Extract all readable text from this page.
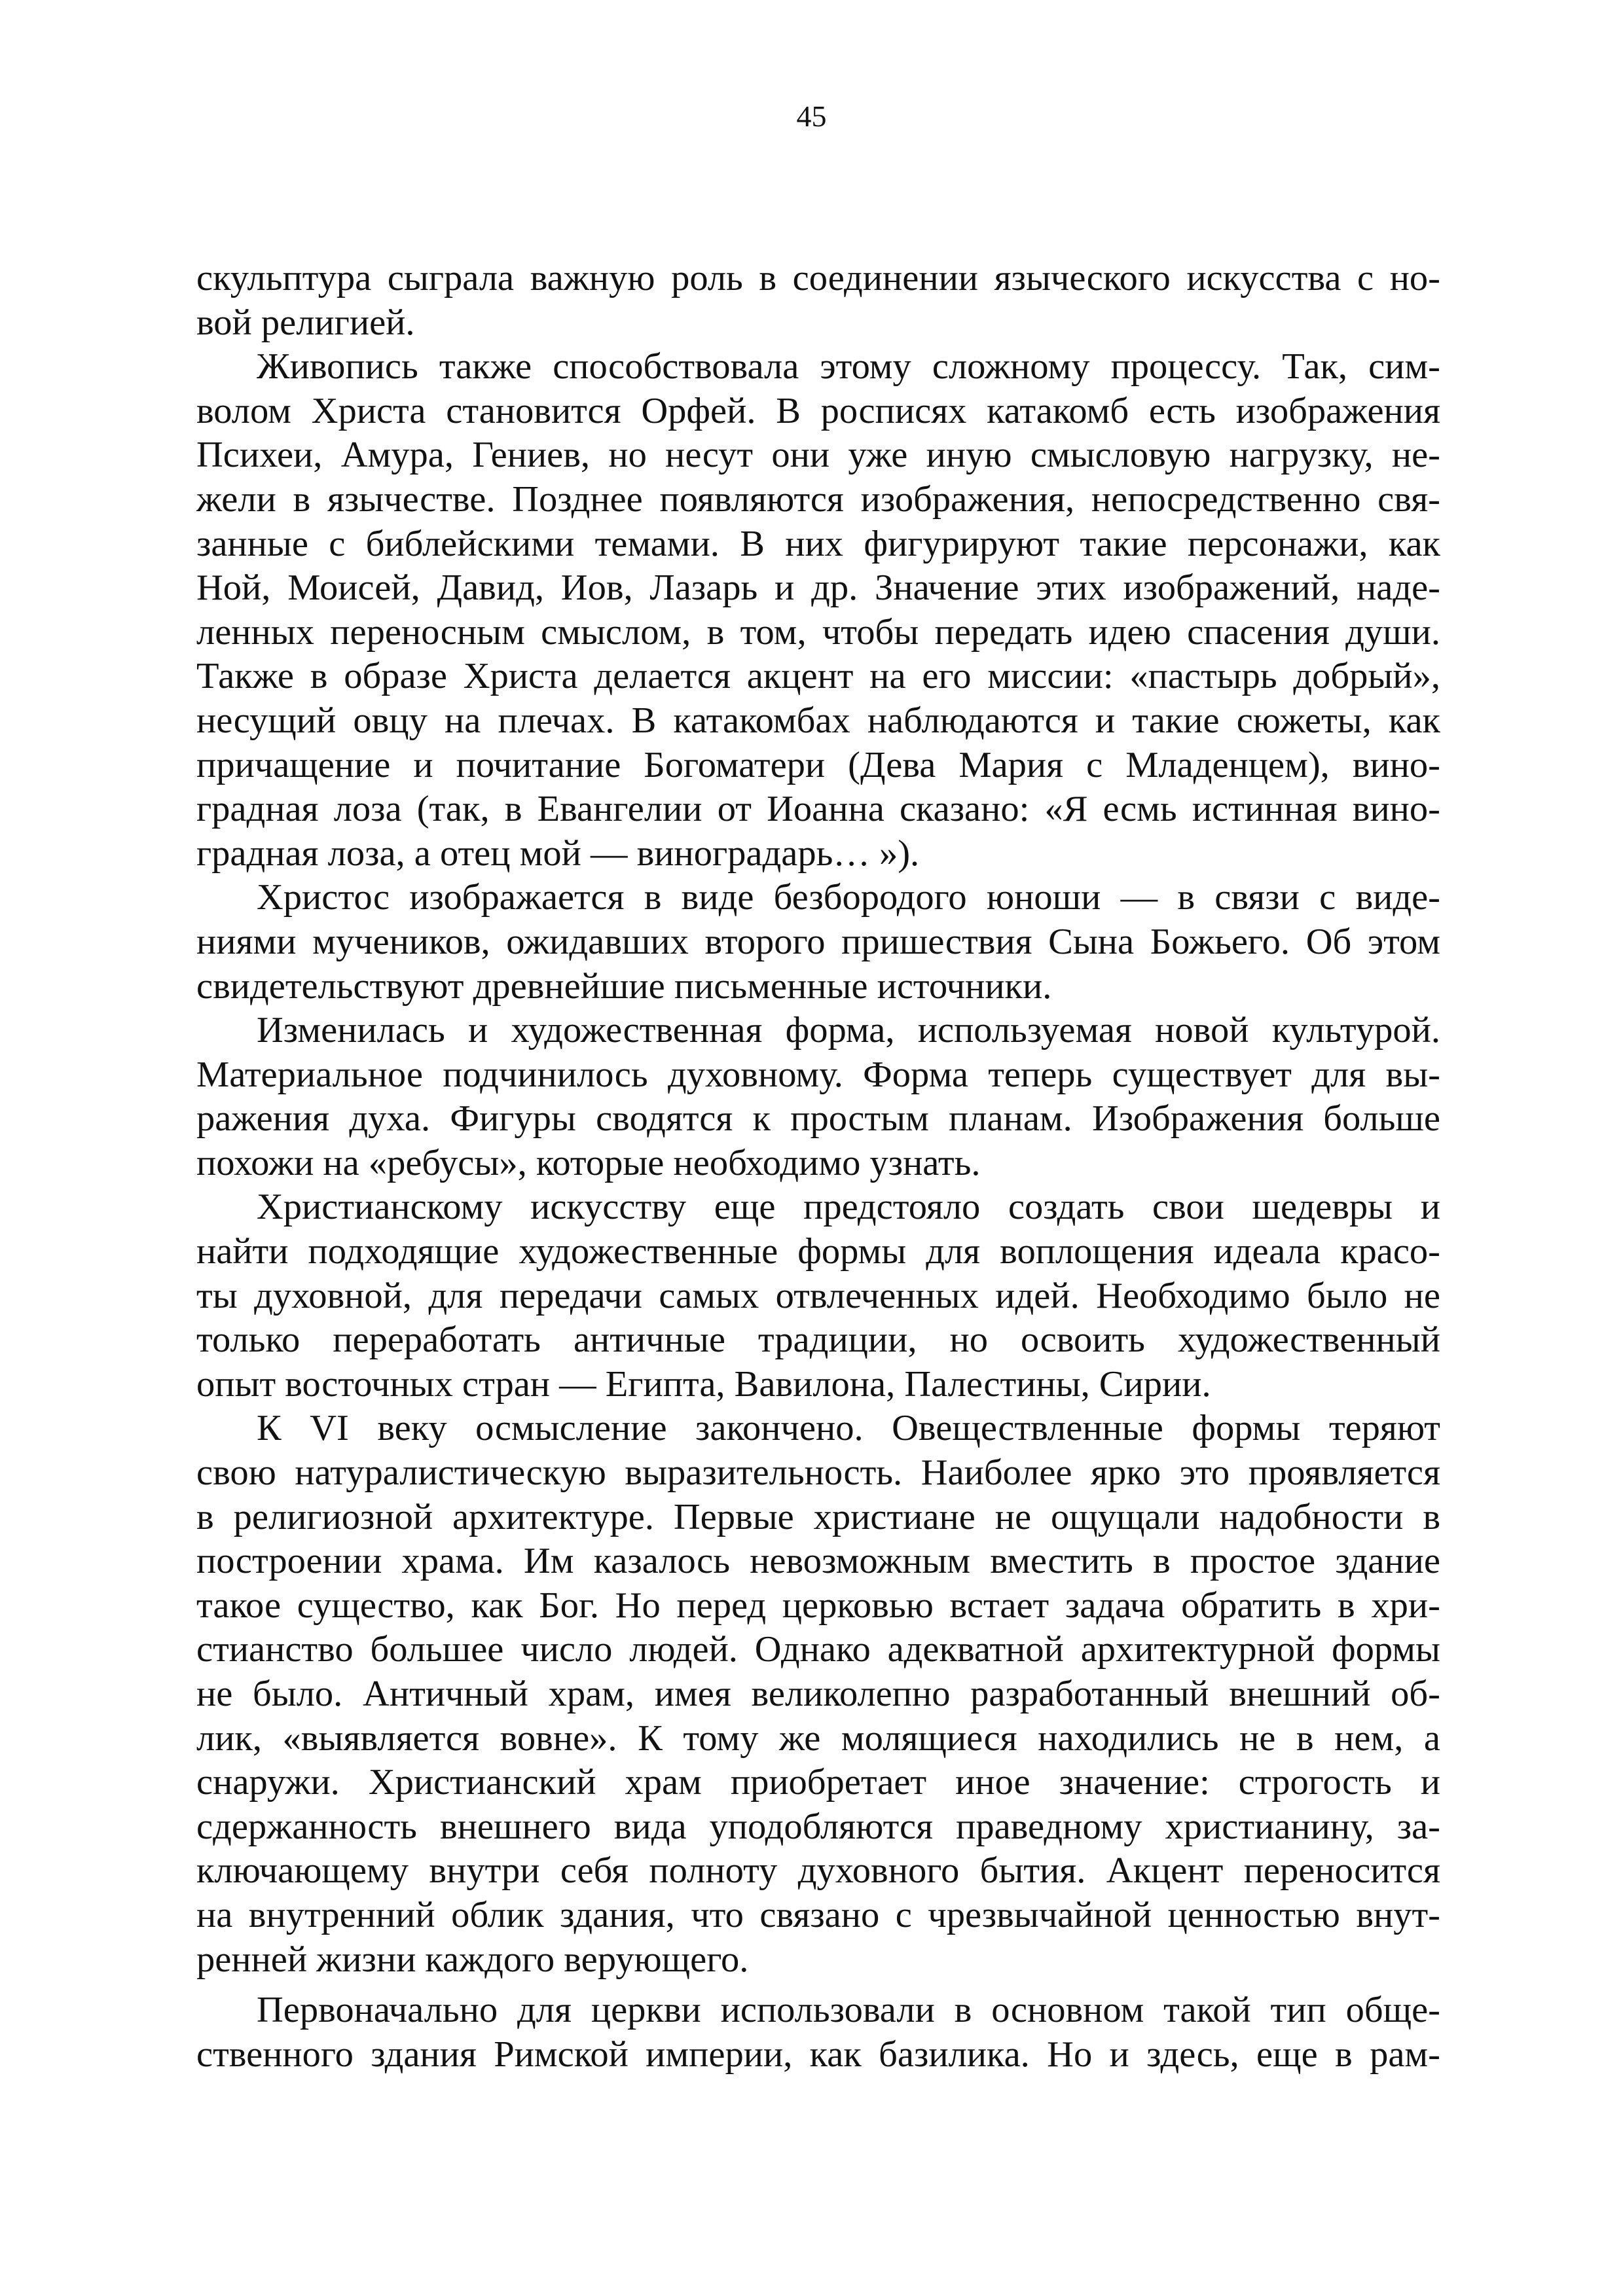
45
скульптура сыграла важную роль в соединении языческого искусства с но-
вой религией.
Живопись также способствовала этому сложному процессу. Так, сим-
волом Христа становится Орфей. В росписях катакомб есть изображения
Психеи, Амура, Гениев, но несут они уже иную смысловую нагрузку, не-
жели в язычестве. Позднее появляются изображения, непосредственно свя-
занные с библейскими темами. В них фигурируют такие персонажи, как
Ной, Моисей, Давид, Иов, Лазарь и др. Значение этих изображений, наде-
ленных переносным смыслом, в том, чтобы передать идею спасения души.
Также в образе Христа делается акцент на его миссии: «пастырь добрый»,
несущий овцу на плечах. В катакомбах наблюдаются и такие сюжеты, как
причащение и почитание Богоматери (Дева Мария с Младенцем), вино-
градная лоза (так, в Евангелии от Иоанна сказано: «Я есмь истинная вино-
градная лоза, а отец мой — виноградарь… »).
Христос изображается в виде безбородого юноши — в связи с виде-
ниями мучеников, ожидавших второго пришествия Сына Божьего. Об этом
свидетельствуют древнейшие письменные источники.
Изменилась и художественная форма, используемая новой культурой.
Материальное подчинилось духовному. Форма теперь существует для вы-
ражения духа. Фигуры сводятся к простым планам. Изображения больше
похожи на «ребусы», которые необходимо узнать.
Христианскому искусству еще предстояло создать свои шедевры и
найти подходящие художественные формы для воплощения идеала красо-
ты духовной, для передачи самых отвлеченных идей. Необходимо было не
только переработать античные традиции, но освоить художественный
опыт восточных стран — Египта, Вавилона, Палестины, Сирии.
К VI веку осмысление закончено. Овеществленные формы теряют
свою натуралистическую выразительность. Наиболее ярко это проявляется
в религиозной архитектуре. Первые христиане не ощущали надобности в
построении храма. Им казалось невозможным вместить в простое здание
такое существо, как Бог. Но перед церковью встает задача обратить в хри-
стианство большее число людей. Однако адекватной архитектурной формы
не было. Античный храм, имея великолепно разработанный внешний об-
лик, «выявляется вовне». К тому же молящиеся находились не в нем, а
снаружи. Христианский храм приобретает иное значение: строгость и
сдержанность внешнего вида уподобляются праведному христианину, за-
ключающему внутри себя полноту духовного бытия. Акцент переносится
на внутренний облик здания, что связано с чрезвычайной ценностью внут-
ренней жизни каждого верующего.
Первоначально для церкви использовали в основном такой тип обще-
ственного здания Римской империи, как базилика. Но и здесь, еще в рам-
